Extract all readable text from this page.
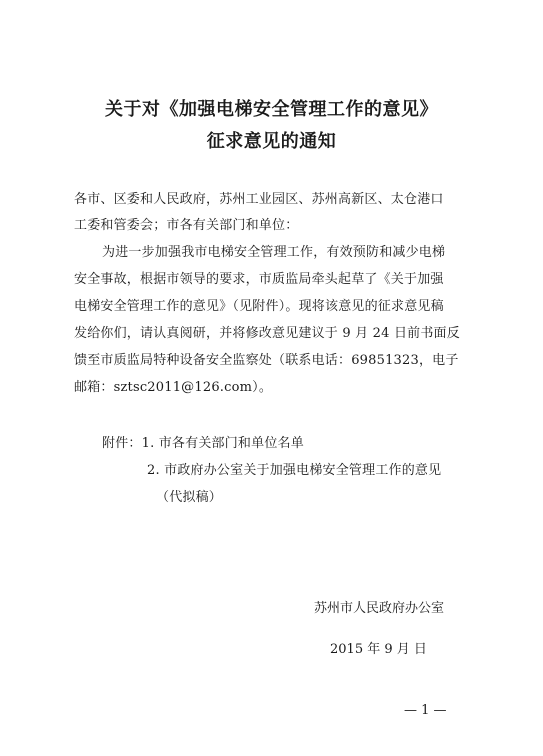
关于对《加强电梯安全管理工作的意见》
征求意见的通知
各市、区委和人民政府，苏州工业园区、苏州高新区、太仓港口
工委和管委会；市各有关部门和单位：
为进一步加强我市电梯安全管理工作，有效预防和减少电梯
安全事故，根据市领导的要求，市质监局牵头起草了《关于加强
电梯安全管理工作的意见》（见附件）。现将该意见的征求意见稿
发给你们，请认真阅研，并将修改意见建议于 9 月 24 日前书面反
馈至市质监局特种设备安全监察处（联系电话：69851323，电子
邮箱：sztsc2011@126.com）。
附件：1. 市各有关部门和单位名单
2. 市政府办公室关于加强电梯安全管理工作的意见
（代拟稿）
苏州市人民政府办公室
2015 年 9 月 日
— 1 —
